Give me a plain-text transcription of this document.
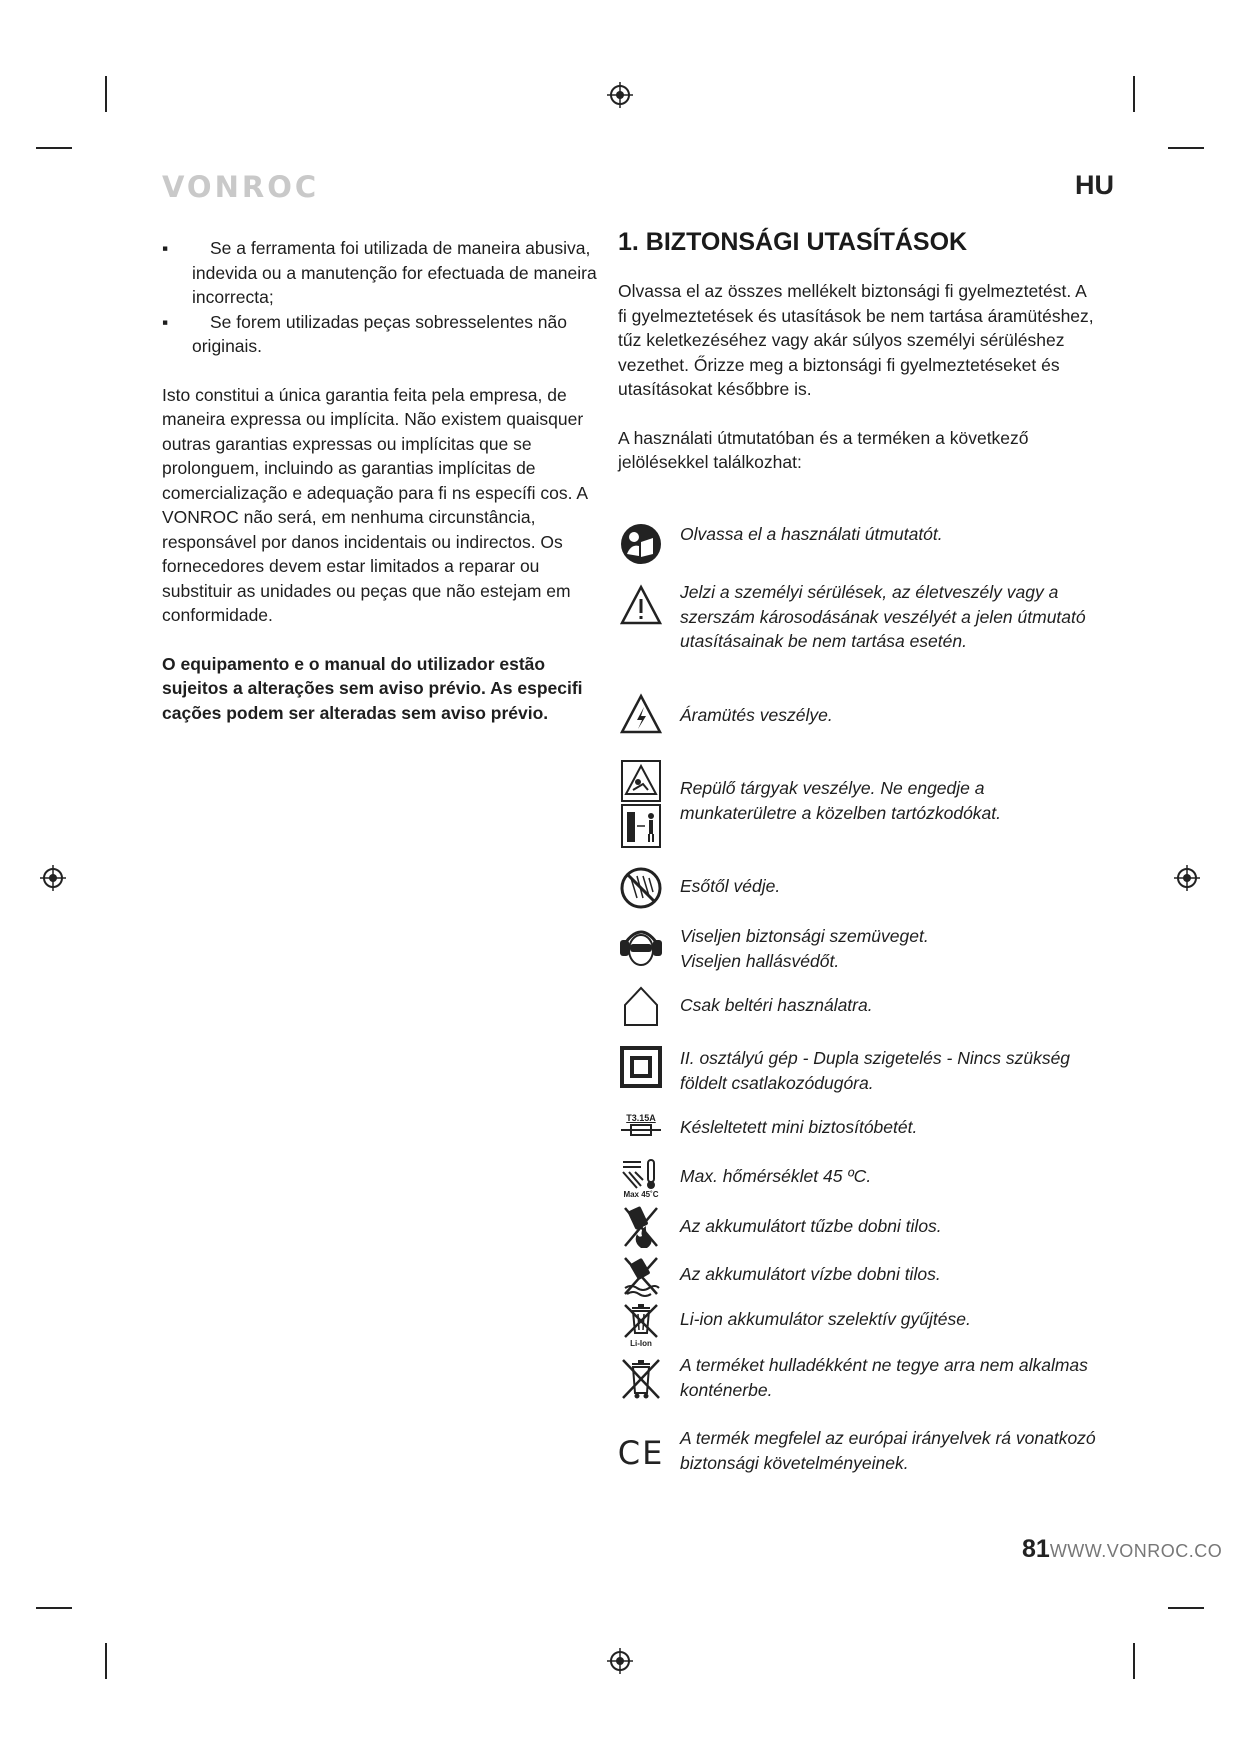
VONROC	HU
▪	Se a ferramenta foi utilizada de maneira abusiva, indevida ou a manutenção for efectuada de maneira incorrecta;
▪	Se forem utilizadas peças sobresselentes não originais.
Isto constitui a única garantia feita pela empresa, de maneira expressa ou implícita. Não existem quaisquer outras garantias expressas ou implícitas que se prolonguem, incluindo as garantias implícitas de comercialização e adequação para fi ns específi cos. A VONROC não será, em nenhuma circunstância, responsável por danos incidentais ou indirectos. Os fornecedores devem estar limitados a reparar ou substituir as unidades ou peças que não estejam em conformidade.
O equipamento e o manual do utilizador estão sujeitos a alterações sem aviso prévio. As especifi cações podem ser alteradas sem aviso prévio.
1. BIZTONSÁGI UTASÍTÁSOK
Olvassa el az összes mellékelt biztonsági fi gyelmeztetést. A fi gyelmeztetések és utasítások be nem tartása áramütéshez, tűz keletkezéséhez vagy akár súlyos személyi sérüléshez vezethet. Őrizze meg a biztonsági fi gyelmeztetéseket és utasításokat későbbre is.
A használati útmutatóban és a terméken a következő jelölésekkel találkozhat:
Olvassa el a használati útmutatót.
Jelzi a személyi sérülések, az életveszély vagy a szerszám károsodásának veszélyét a jelen útmutató utasításainak be nem tartása esetén.
Áramütés veszélye.
Repülő tárgyak veszélye. Ne engedje a munkaterületre a közelben tartózkodókat.
Esőtől védje.
Viseljen biztonsági szemüveget.
Viseljen hallásvédőt.
Csak beltéri használatra.
II. osztályú gép - Dupla szigetelés - Nincs szükség földelt csatlakozódugóra.
T3.15A Késleltetett mini biztosítóbetét.
Max 45˚C
Max. hőmérséklet 45 ºC.
Az akkumulátort tűzbe dobni tilos.
Az akkumulátort vízbe dobni tilos.
Li-Ion
Li-ion akkumulátor szelektív gyűjtése.
A terméket hulladékként ne tegye arra nem alkalmas konténerbe.
CE A termék megfelel az európai irányelvek rá vonatkozó biztonsági követelményeinek.
81WWW.VONROC.CO
